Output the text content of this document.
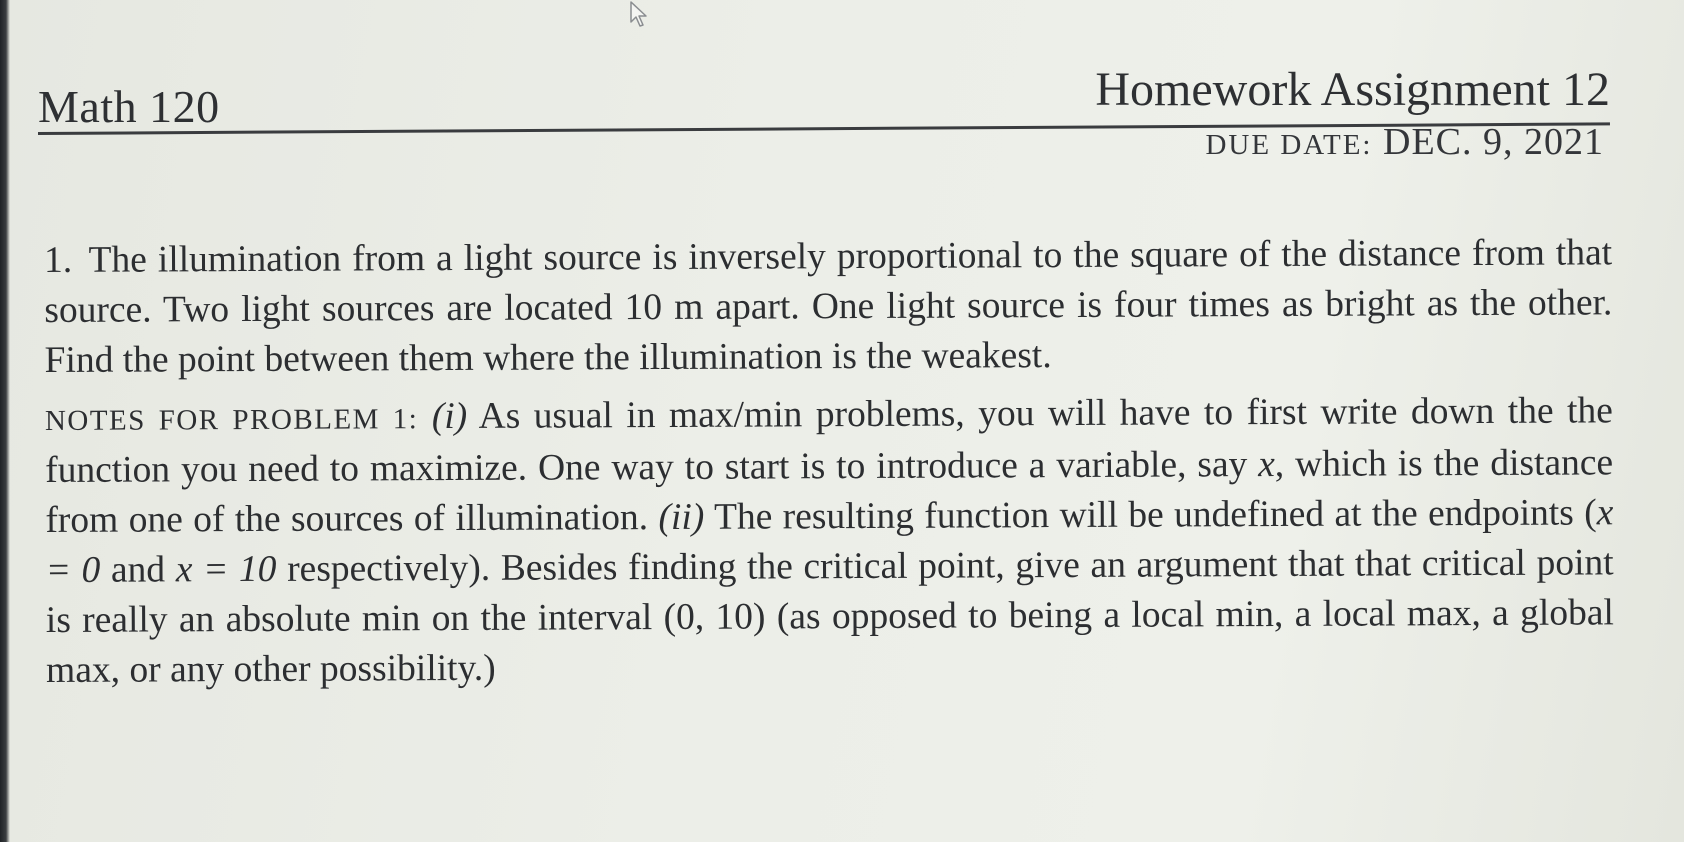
Math 120	Homework Assignment 12
DUE DATE: DEC. 9, 2021

1. The illumination from a light source is inversely proportional to the square of the distance from that source. Two light sources are located 10 m apart. One light source is four times as bright as the other. Find the point between them where the illumination is the weakest.

NOTES FOR PROBLEM 1: (i) As usual in max/min problems, you will have to first write down the the function you need to maximize. One way to start is to introduce a variable, say x, which is the distance from one of the sources of illumination. (ii) The resulting function will be undefined at the endpoints (x = 0 and x = 10 respectively). Besides finding the critical point, give an argument that that critical point is really an absolute min on the interval (0, 10) (as opposed to being a local min, a local max, a global max, or any other possibility.)
